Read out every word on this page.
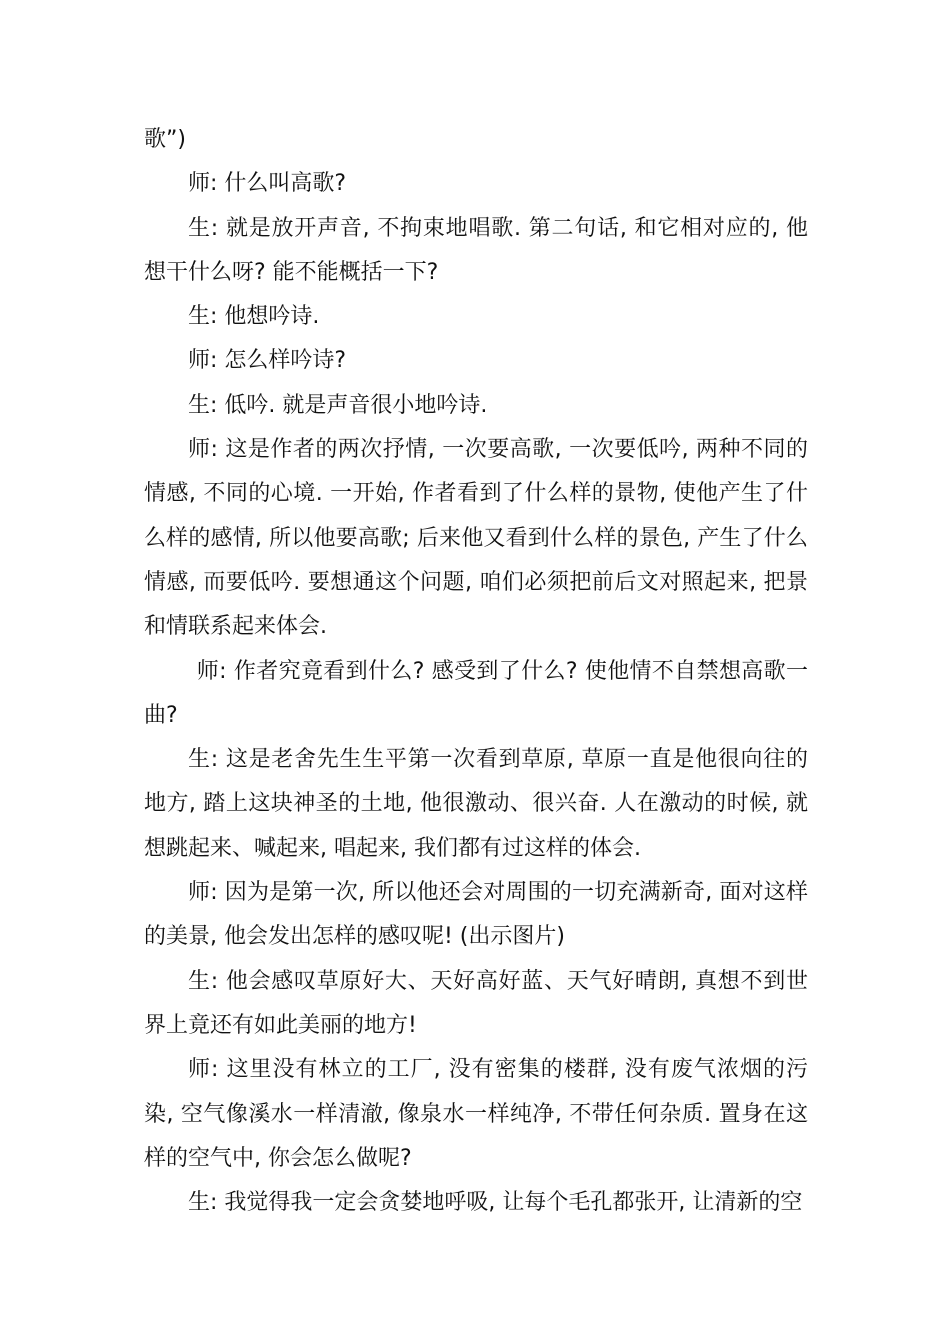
歌”)

师: 什么叫高歌?

生: 就是放开声音, 不拘束地唱歌. 第二句话, 和它相对应的, 他想干什么呀? 能不能概括一下?

生: 他想吟诗.

师: 怎么样吟诗?

生: 低吟. 就是声音很小地吟诗.

师: 这是作者的两次抒情, 一次要高歌, 一次要低吟, 两种不同的情感, 不同的心境. 一开始, 作者看到了什么样的景物, 使他产生了什么样的感情, 所以他要高歌; 后来他又看到什么样的景色, 产生了什么情感, 而要低吟. 要想通这个问题, 咱们必须把前后文对照起来, 把景和情联系起来体会.

师: 作者究竟看到什么? 感受到了什么? 使他情不自禁想高歌一曲?

生: 这是老舍先生生平第一次看到草原, 草原一直是他很向往的地方, 踏上这块神圣的土地, 他很激动、很兴奋. 人在激动的时候, 就想跳起来、喊起来, 唱起来, 我们都有过这样的体会.

师: 因为是第一次, 所以他还会对周围的一切充满新奇, 面对这样的美景, 他会发出怎样的感叹呢! (出示图片)

生: 他会感叹草原好大、天好高好蓝、天气好晴朗, 真想不到世界上竟还有如此美丽的地方!

师: 这里没有林立的工厂, 没有密集的楼群, 没有废气浓烟的污染, 空气像溪水一样清澈, 像泉水一样纯净, 不带任何杂质. 置身在这样的空气中, 你会怎么做呢?

生: 我觉得我一定会贪婪地呼吸, 让每个毛孔都张开, 让清新的空
